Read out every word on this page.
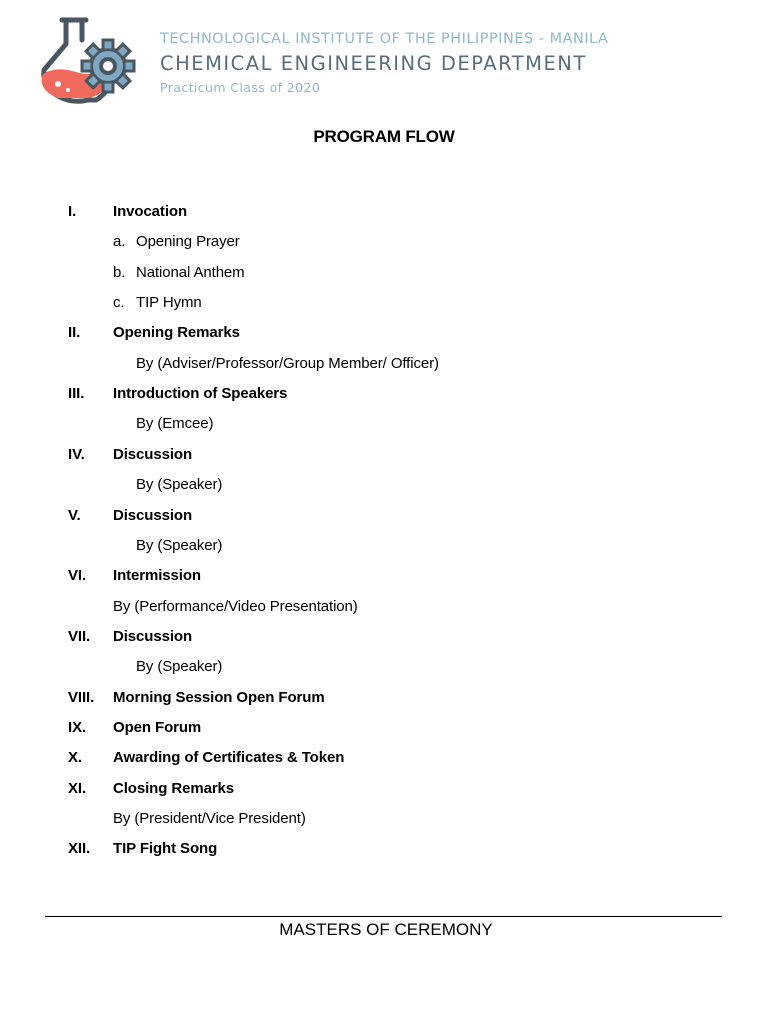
TECHNOLOGICAL INSTITUTE OF THE PHILIPPINES - MANILA
CHEMICAL ENGINEERING DEPARTMENT
Practicum Class of 2020
PROGRAM FLOW
I. Invocation
a. Opening Prayer
b. National Anthem
c. TIP Hymn
II. Opening Remarks
By (Adviser/Professor/Group Member/ Officer)
III. Introduction of Speakers
By (Emcee)
IV. Discussion
By (Speaker)
V. Discussion
By (Speaker)
VI. Intermission
By (Performance/Video Presentation)
VII. Discussion
By (Speaker)
VIII. Morning Session Open Forum
IX. Open Forum
X. Awarding of Certificates & Token
XI. Closing Remarks
By (President/Vice President)
XII. TIP Fight Song
MASTERS OF CEREMONY
